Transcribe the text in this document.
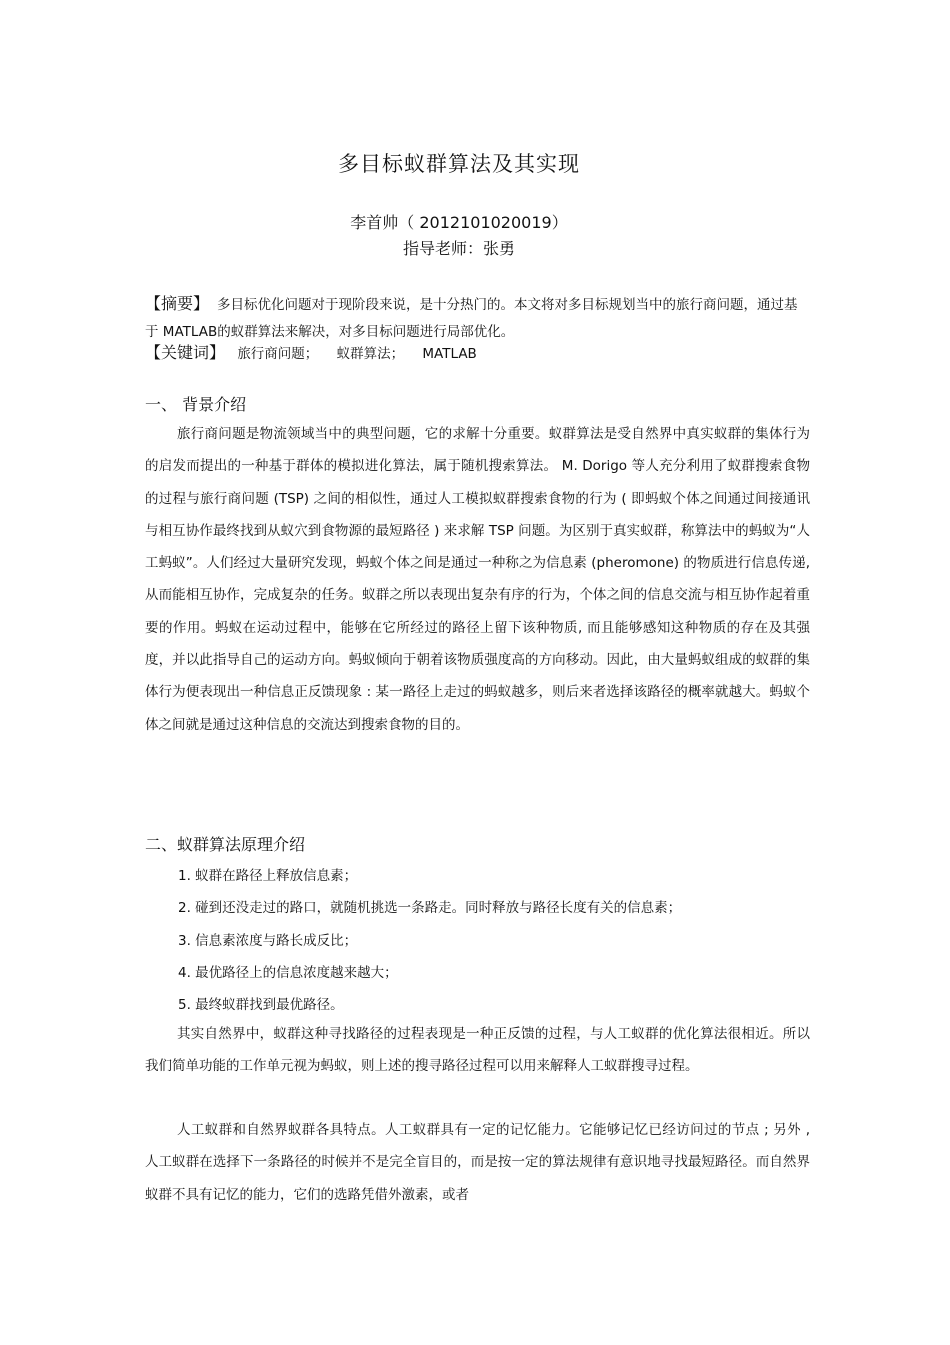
多目标蚁群算法及其实现
李首帅（ 2012101020019）
指导老师：张勇
【摘要】 多目标优化问题对于现阶段来说，是十分热门的。本文将对多目标规划当中的旅行商问题，通过基于 MATLAB的蚁群算法来解决，对多目标问题进行局部优化。
【关键词】 旅行商问题； 蚁群算法； MATLAB
一、 背景介绍

旅行商问题是物流领域当中的典型问题，它的求解十分重要。蚁群算法是受自然界中真实蚁群的集体行为的启发而提出的一种基于群体的模拟进化算法，属于随机搜索算法。 M. Dorigo 等人充分利用了蚁群搜索食物的过程与旅行商问题 (TSP) 之间的相似性，通过人工模拟蚁群搜索食物的行为 ( 即蚂蚁个体之间通过间接通讯与相互协作最终找到从蚁穴到食物源的最短路径 ) 来求解 TSP 问题。为区别于真实蚁群，称算法中的蚂蚁为“人工蚂蚁”。人们经过大量研究发现，蚂蚁个体之间是通过一种称之为信息素 (pheromone) 的物质进行信息传递, 从而能相互协作，完成复杂的任务。蚁群之所以表现出复杂有序的行为，个体之间的信息交流与相互协作起着重要的作用。蚂蚁在运动过程中，能够在它所经过的路径上留下该种物质, 而且能够感知这种物质的存在及其强度，并以此指导自己的运动方向。蚂蚁倾向于朝着该物质强度高的方向移动。因此，由大量蚂蚁组成的蚁群的集体行为便表现出一种信息正反馈现象 : 某一路径上走过的蚂蚁越多，则后来者选择该路径的概率就越大。蚂蚁个体之间就是通过这种信息的交流达到搜索食物的目的。

二、蚁群算法原理介绍
1. 蚁群在路径上释放信息素；
2. 碰到还没走过的路口，就随机挑选一条路走。同时释放与路径长度有关的信息素；
3. 信息素浓度与路长成反比；
4. 最优路径上的信息浓度越来越大；
5. 最终蚁群找到最优路径。

其实自然界中，蚁群这种寻找路径的过程表现是一种正反馈的过程，与人工蚁群的优化算法很相近。所以我们简单功能的工作单元视为蚂蚁，则上述的搜寻路径过程可以用来解释人工蚁群搜寻过程。

人工蚁群和自然界蚁群各具特点。人工蚁群具有一定的记忆能力。它能够记忆已经访问过的节点 ; 另外 , 人工蚁群在选择下一条路径的时候并不是完全盲目的，而是按一定的算法规律有意识地寻找最短路径。而自然界蚁群不具有记忆的能力，它们的选路凭借外激素，或者
